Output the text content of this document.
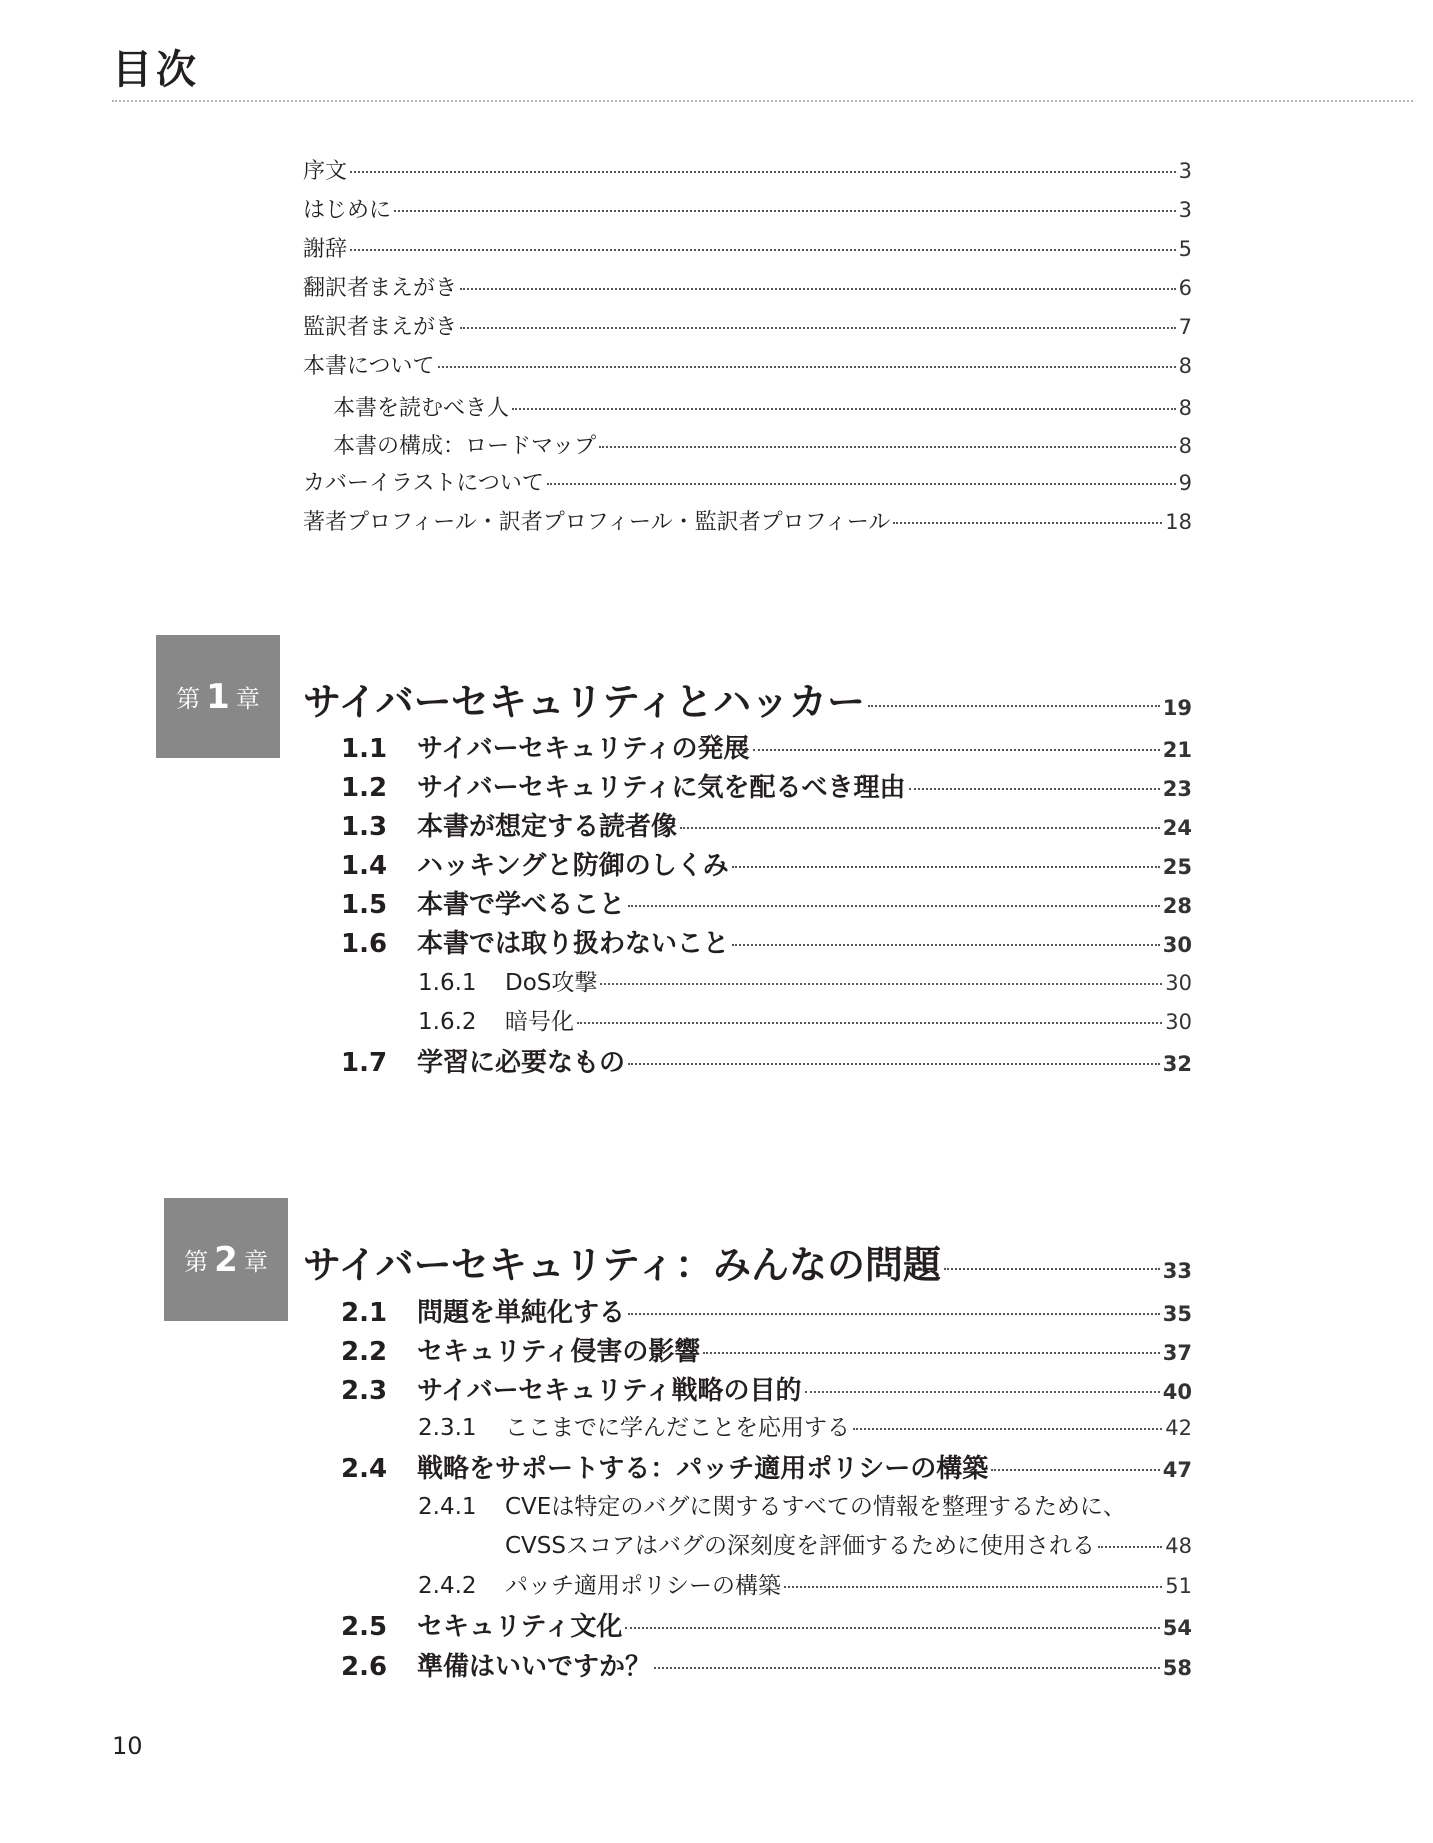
目次
序文	3
はじめに	3
謝辞	5
翻訳者まえがき	6
監訳者まえがき	7
本書について	8
本書を読むべき人	8
本書の構成：ロードマップ	8
カバーイラストについて	9
著者プロフィール・訳者プロフィール・監訳者プロフィール	18
第 1 章 サイバーセキュリティとハッカー	19
1.1	サイバーセキュリティの発展	21
1.2	サイバーセキュリティに気を配るべき理由	23
1.3	本書が想定する読者像	24
1.4	ハッキングと防御のしくみ	25
1.5	本書で学べること	28
1.6	本書では取り扱わないこと	30
1.6.1	DoS攻撃	30
1.6.2	暗号化	30
1.7	学習に必要なもの	32
第 2 章 サイバーセキュリティ：みんなの問題	33
2.1	問題を単純化する	35
2.2	セキュリティ侵害の影響	37
2.3	サイバーセキュリティ戦略の目的	40
2.3.1	ここまでに学んだことを応用する	42
2.4	戦略をサポートする：パッチ適用ポリシーの構築	47
2.4.1	CVEは特定のバグに関するすべての情報を整理するために、
CVSSスコアはバグの深刻度を評価するために使用される	48
2.4.2	パッチ適用ポリシーの構築	51
2.5	セキュリティ文化	54
2.6	準備はいいですか？	58
10
